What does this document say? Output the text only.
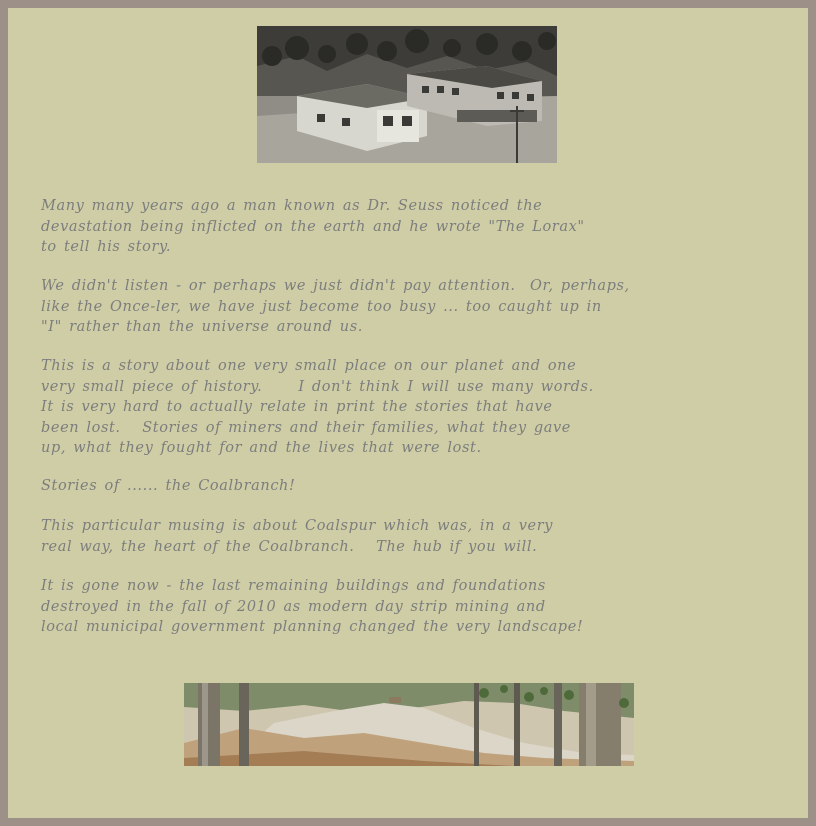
Many many years ago a man known as Dr. Seuss noticed the
devastation being inflicted on the earth and he wrote "The Lorax"
to tell his story.

We didn't listen - or perhaps we just didn't pay attention.  Or, perhaps,
like the Once-ler, we have just become too busy ... too caught up in
"I" rather than the universe around us.

This is a story about one very small place on our planet and one
very small piece of history.     I don't think I will use many words.
It is very hard to actually relate in print the stories that have
been lost.   Stories of miners and their families, what they gave
up, what they fought for and the lives that were lost.

Stories of ...... the Coalbranch!

This particular musing is about Coalspur which was, in a very
real way, the heart of the Coalbranch.   The hub if you will.

It is gone now - the last remaining buildings and foundations
destroyed in the fall of 2010 as modern day strip mining and
local municipal government planning changed the very landscape!
